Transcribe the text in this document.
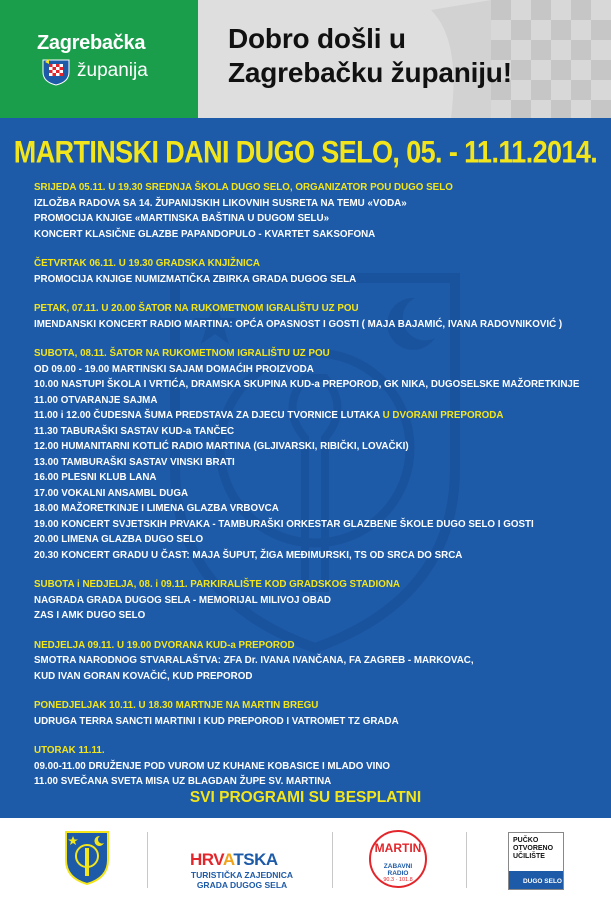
Zagrebačka
županija
Dobro došli u
Zagrebačku županiju!
MARTINSKI DANI DUGO SELO, 05. - 11.11.2014.
SRIJEDA 05.11. U 19.30 SREDNJA ŠKOLA DUGO SELO, ORGANIZATOR POU DUGO SELO
IZLOŽBA RADOVA SA 14. ŽUPANIJSKIH LIKOVNIH SUSRETA NA TEMU «VODA»
PROMOCIJA KNJIGE «MARTINSKA BAŠTINA U DUGOM SELU»
KONCERT KLASIČNE GLAZBE PAPANDOPULO - KVARTET SAKSOFONA
ČETVRTAK 06.11. U 19.30 GRADSKA KNJIŽNICA
PROMOCIJA KNJIGE NUMIZMATIČKA ZBIRKA GRADA DUGOG SELA
PETAK, 07.11. U 20.00 ŠATOR NA RUKOMETNOM IGRALIŠTU UZ POU
IMENDANSKI KONCERT RADIO MARTINA: OPĆA OPASNOST I GOSTI ( MAJA BAJAMIĆ, IVANA RADOVNIKOVIĆ )
SUBOTA, 08.11. ŠATOR NA RUKOMETNOM IGRALIŠTU UZ POU
OD 09.00 - 19.00 MARTINSKI SAJAM DOMAĆIH PROIZVODA
10.00 NASTUPI ŠKOLA I VRTIĆA, DRAMSKA SKUPINA KUD-a PREPOROD, GK NIKA, DUGOSELSKE MAŽORETKINJE
11.00 OTVARANJE SAJMA
11.00 i 12.00 ČUDESNA ŠUMA PREDSTAVA ZA DJECU TVORNICE LUTAKA U DVORANI PREPORODA
11.30 TABURAŠKI SASTAV KUD-a TANČEC
12.00 HUMANITARNI KOTLIĆ RADIO MARTINA (GLJIVARSKI, RIBIČKI, LOVAČKI)
13.00 TAMBURAŠKI SASTAV VINSKI BRATI
16.00 PLESNI KLUB LANA
17.00 VOKALNI ANSAMBL DUGA
18.00 MAŽORETKINJE I LIMENA GLAZBA VRBOVCA
19.00 KONCERT SVJETSKIH PRVAKA - TAMBURAŠKI ORKESTAR GLAZBENE ŠKOLE DUGO SELO I GOSTI
20.00 LIMENA GLAZBA DUGO SELO
20.30 KONCERT GRADU U ČAST: MAJA ŠUPUT, ŽIGA MEĐIMURSKI, TS OD SRCA DO SRCA
SUBOTA i NEDJELJA, 08. i 09.11. PARKIRALIŠTE KOD GRADSKOG STADIONA
NAGRADA GRADA DUGOG SELA - MEMORIJAL MILIVOJ OBAD
ZAS I AMK DUGO SELO
NEDJELJA 09.11. U 19.00 DVORANA KUD-a PREPOROD
SMOTRA NARODNOG STVARALAŠTVA: ZFA Dr. IVANA IVANČANA, FA ZAGREB - MARKOVAC,
KUD IVAN GORAN KOVAČIĆ, KUD PREPOROD
PONEDJELJAK 10.11. U 18.30 MARTNJE NA MARTIN BREGU
UDRUGA TERRA SANCTI MARTINI I KUD PREPOROD I VATROMET TZ GRADA
UTORAK 11.11.
09.00-11.00 DRUŽENJE POD VUROM UZ KUHANE KOBASICE I MLADO VINO
11.00 SVEČANA SVETA MISA UZ BLAGDAN ŽUPE SV. MARTINA
SVI PROGRAMI SU BESPLATNI
HRVATSKA
TURISTIČKA ZAJEDNICA
GRADA DUGOG SELA
MARTIN
ZABAVNI
RADIO
90.3 · 101.8
PUČKO
OTVORENO
UČILIŠTE
DUGO SELO
